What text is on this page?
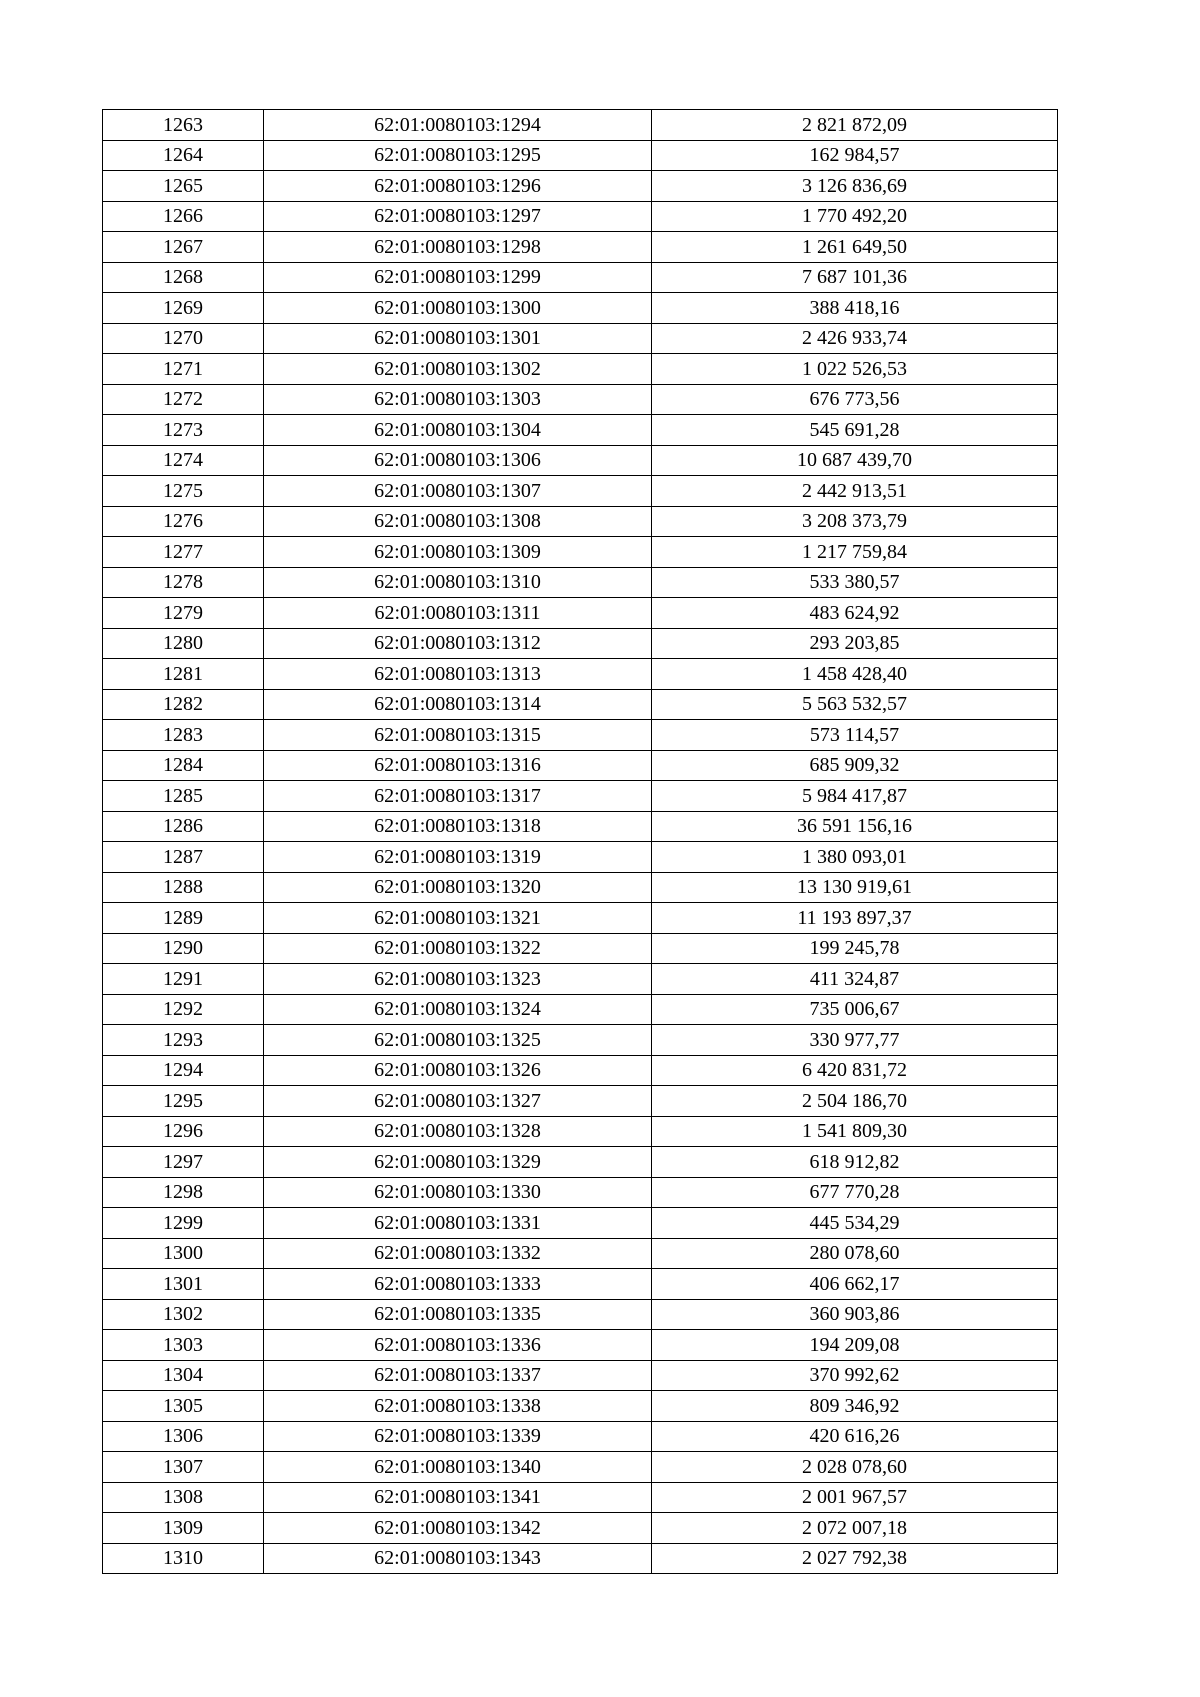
1263	62:01:0080103:1294	2 821 872,09
1264	62:01:0080103:1295	162 984,57
1265	62:01:0080103:1296	3 126 836,69
1266	62:01:0080103:1297	1 770 492,20
1267	62:01:0080103:1298	1 261 649,50
1268	62:01:0080103:1299	7 687 101,36
1269	62:01:0080103:1300	388 418,16
1270	62:01:0080103:1301	2 426 933,74
1271	62:01:0080103:1302	1 022 526,53
1272	62:01:0080103:1303	676 773,56
1273	62:01:0080103:1304	545 691,28
1274	62:01:0080103:1306	10 687 439,70
1275	62:01:0080103:1307	2 442 913,51
1276	62:01:0080103:1308	3 208 373,79
1277	62:01:0080103:1309	1 217 759,84
1278	62:01:0080103:1310	533 380,57
1279	62:01:0080103:1311	483 624,92
1280	62:01:0080103:1312	293 203,85
1281	62:01:0080103:1313	1 458 428,40
1282	62:01:0080103:1314	5 563 532,57
1283	62:01:0080103:1315	573 114,57
1284	62:01:0080103:1316	685 909,32
1285	62:01:0080103:1317	5 984 417,87
1286	62:01:0080103:1318	36 591 156,16
1287	62:01:0080103:1319	1 380 093,01
1288	62:01:0080103:1320	13 130 919,61
1289	62:01:0080103:1321	11 193 897,37
1290	62:01:0080103:1322	199 245,78
1291	62:01:0080103:1323	411 324,87
1292	62:01:0080103:1324	735 006,67
1293	62:01:0080103:1325	330 977,77
1294	62:01:0080103:1326	6 420 831,72
1295	62:01:0080103:1327	2 504 186,70
1296	62:01:0080103:1328	1 541 809,30
1297	62:01:0080103:1329	618 912,82
1298	62:01:0080103:1330	677 770,28
1299	62:01:0080103:1331	445 534,29
1300	62:01:0080103:1332	280 078,60
1301	62:01:0080103:1333	406 662,17
1302	62:01:0080103:1335	360 903,86
1303	62:01:0080103:1336	194 209,08
1304	62:01:0080103:1337	370 992,62
1305	62:01:0080103:1338	809 346,92
1306	62:01:0080103:1339	420 616,26
1307	62:01:0080103:1340	2 028 078,60
1308	62:01:0080103:1341	2 001 967,57
1309	62:01:0080103:1342	2 072 007,18
1310	62:01:0080103:1343	2 027 792,38
